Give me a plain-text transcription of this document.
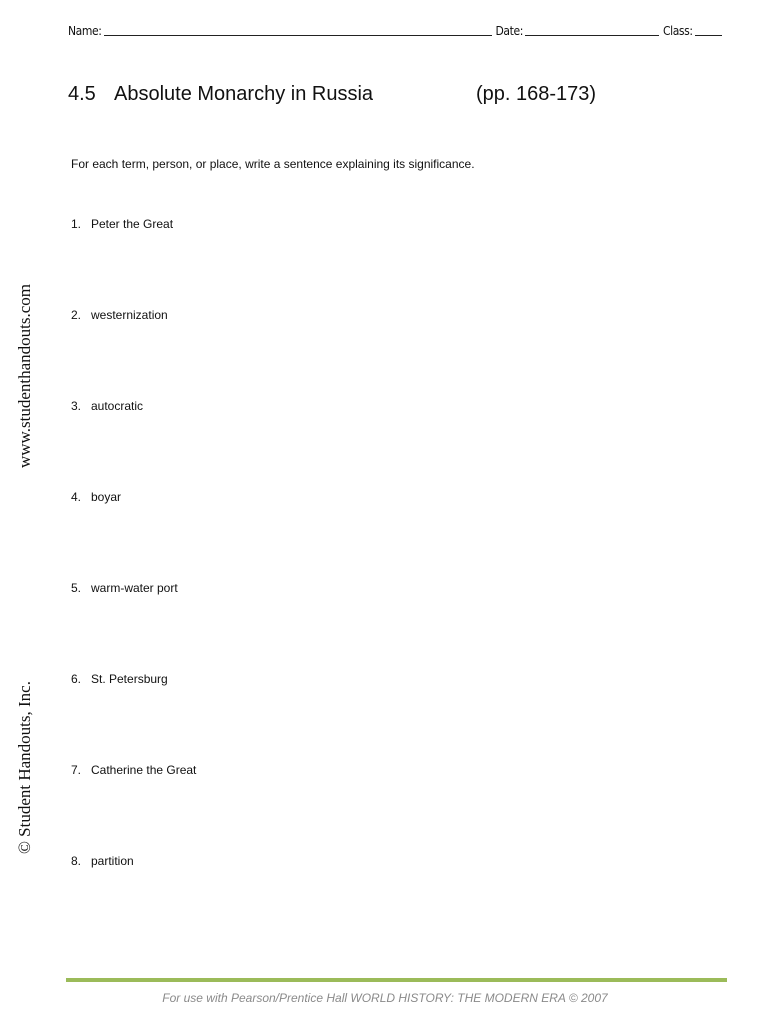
Name:	Date:	Class:
4.5 Absolute Monarchy in Russia	(pp. 168-173)
For each term, person, or place, write a sentence explaining its significance.
1. Peter the Great
2. westernization
3. autocratic
4. boyar
5. warm-water port
6. St. Petersburg
7. Catherine the Great
8. partition
www.studenthandouts.com
© Student Handouts, Inc.
For use with Pearson/Prentice Hall WORLD HISTORY: THE MODERN ERA © 2007
